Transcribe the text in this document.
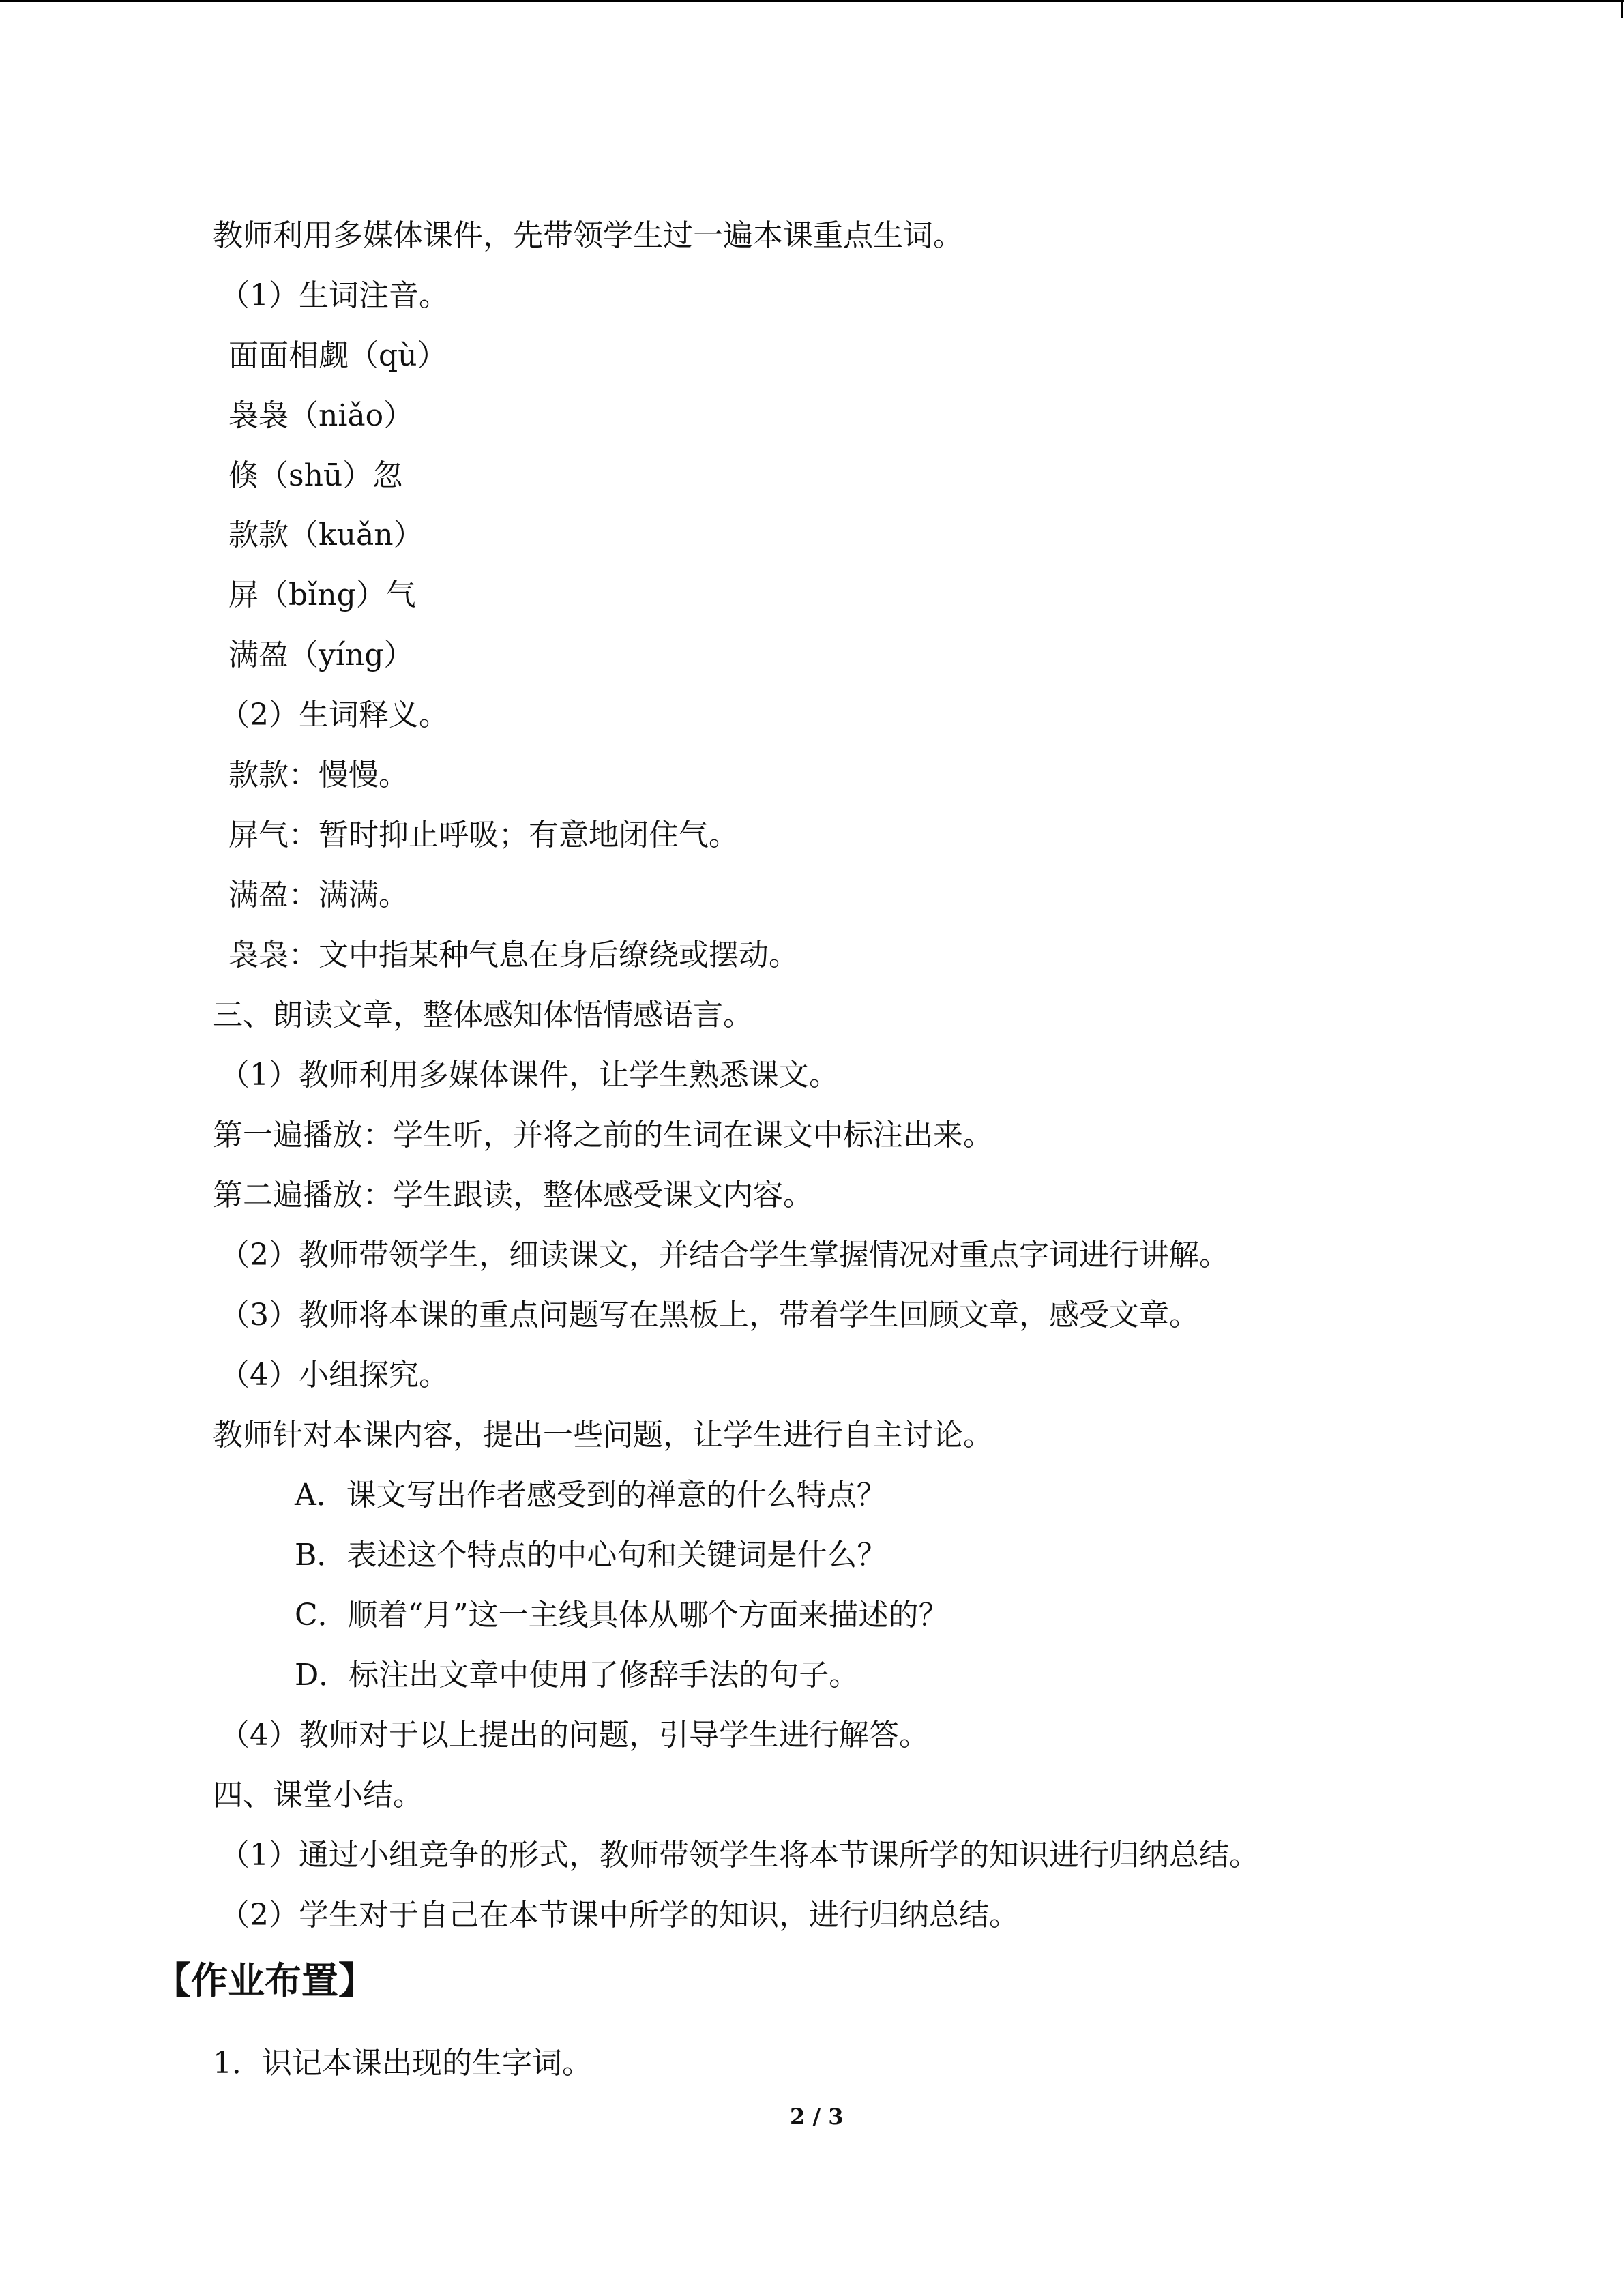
教师利用多媒体课件，先带领学生过一遍本课重点生词。
（1）生词注音。
面面相觑（qù）
袅袅（niǎo）
倏（shū）忽
款款（kuǎn）
屏（bǐng）气
满盈（yíng）
（2）生词释义。
款款：慢慢。
屏气：暂时抑止呼吸；有意地闭住气。
满盈：满满。
袅袅：文中指某种气息在身后缭绕或摆动。
三、朗读文章，整体感知体悟情感语言。
（1）教师利用多媒体课件，让学生熟悉课文。
第一遍播放：学生听，并将之前的生词在课文中标注出来。
第二遍播放：学生跟读，整体感受课文内容。
（2）教师带领学生，细读课文，并结合学生掌握情况对重点字词进行讲解。
（3）教师将本课的重点问题写在黑板上，带着学生回顾文章，感受文章。
（4）小组探究。
教师针对本课内容，提出一些问题，让学生进行自主讨论。
A．课文写出作者感受到的禅意的什么特点？
B．表述这个特点的中心句和关键词是什么？
C．顺着“月”这一主线具体从哪个方面来描述的？
D．标注出文章中使用了修辞手法的句子。
（4）教师对于以上提出的问题，引导学生进行解答。
四、课堂小结。
（1）通过小组竞争的形式，教师带领学生将本节课所学的知识进行归纳总结。
（2）学生对于自己在本节课中所学的知识，进行归纳总结。
【作业布置】
1．识记本课出现的生字词。
2 / 3
